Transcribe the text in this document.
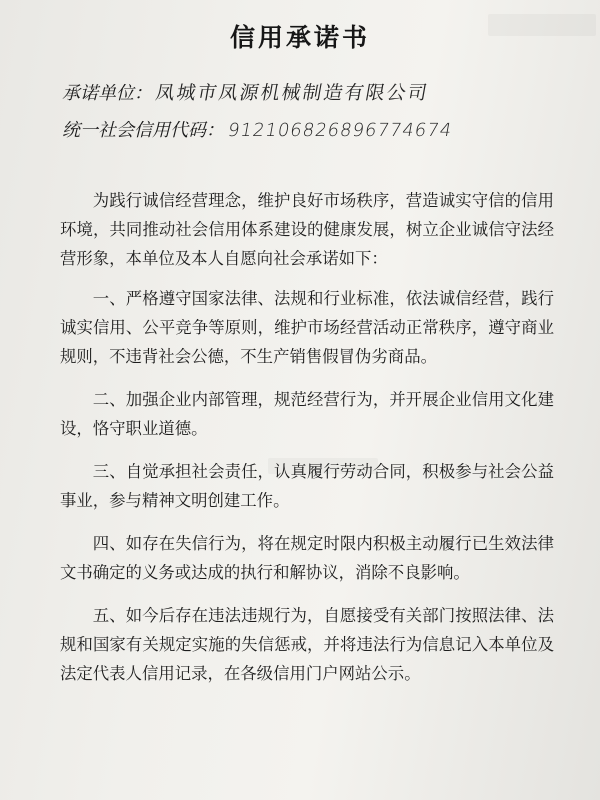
信用承诺书
承诺单位：凤城市凤源机械制造有限公司
统一社会信用代码： 912106826896774674

为践行诚信经营理念，维护良好市场秩序，营造诚实守信的信用环境，共同推动社会信用体系建设的健康发展，树立企业诚信守法经营形象，本单位及本人自愿向社会承诺如下：

一、严格遵守国家法律、法规和行业标准，依法诚信经营，践行诚实信用、公平竞争等原则，维护市场经营活动正常秩序，遵守商业规则，不违背社会公德，不生产销售假冒伪劣商品。

二、加强企业内部管理，规范经营行为，并开展企业信用文化建设，恪守职业道德。

三、自觉承担社会责任，认真履行劳动合同，积极参与社会公益事业，参与精神文明创建工作。

四、如存在失信行为，将在规定时限内积极主动履行已生效法律文书确定的义务或达成的执行和解协议，消除不良影响。

五、如今后存在违法违规行为，自愿接受有关部门按照法律、法规和国家有关规定实施的失信惩戒，并将违法行为信息记入本单位及法定代表人信用记录，在各级信用门户网站公示。
